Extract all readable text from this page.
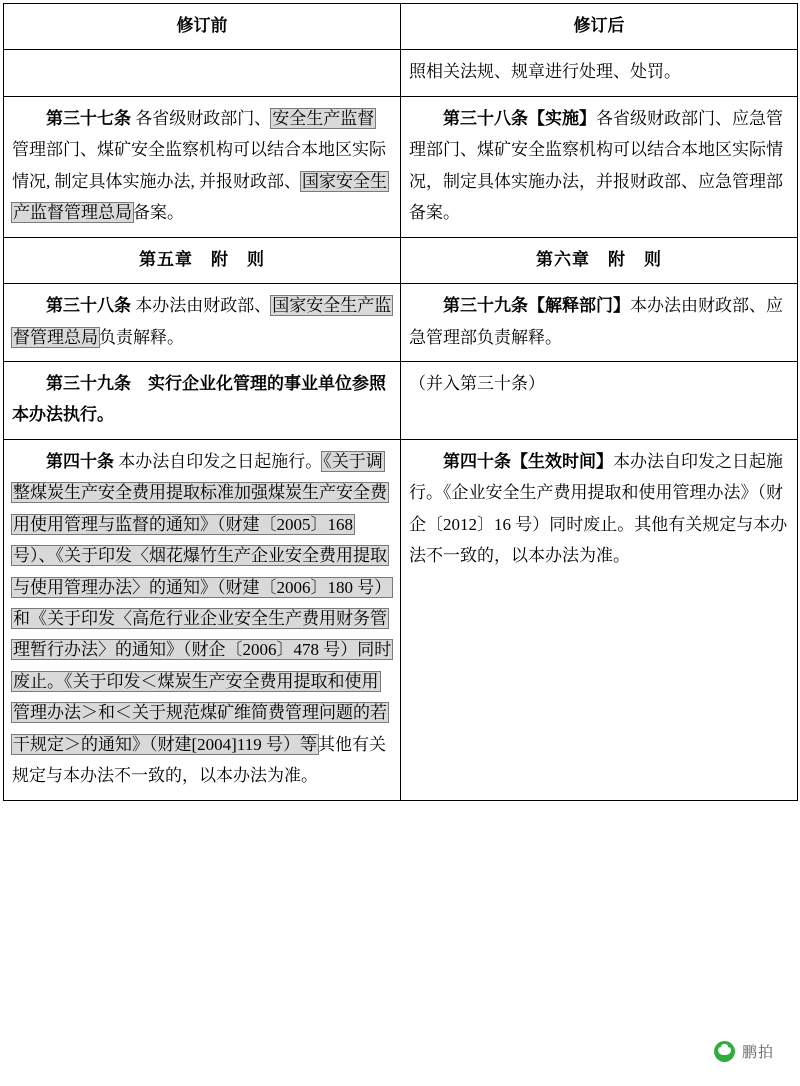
修订前	修订后

	照相关法规、规章进行处理、处罚。

第三十七条 各省级财政部门、安全生产监督管理部门、煤矿安全监察机构可以结合本地区实际情况, 制定具体实施办法, 并报财政部、国家安全生产监督管理总局备案。	第三十八条【实施】各省级财政部门、应急管理部门、煤矿安全监察机构可以结合本地区实际情况，制定具体实施办法，并报财政部、应急管理部备案。

第五章　附　则	第六章　附　则

第三十八条 本办法由财政部、国家安全生产监督管理总局负责解释。	第三十九条【解释部门】本办法由财政部、应急管理部负责解释。

第三十九条　实行企业化管理的事业单位参照本办法执行。	（并入第三十条）

第四十条 本办法自印发之日起施行。《关于调整煤炭生产安全费用提取标准加强煤炭生产安全费用使用管理与监督的通知》（财建〔2005〕168 号）、《关于印发〈烟花爆竹生产企业安全费用提取与使用管理办法〉的通知》（财建〔2006〕180 号）和《关于印发〈高危行业企业安全生产费用财务管理暂行办法〉的通知》（财企〔2006〕478 号）同时废止。《关于印发＜煤炭生产安全费用提取和使用管理办法＞和＜关于规范煤矿维简费管理问题的若干规定＞的通知》（财建[2004]119 号）等其他有关规定与本办法不一致的，以本办法为准。	第四十条【生效时间】本办法自印发之日起施行。《企业安全生产费用提取和使用管理办法》（财企〔2012〕16 号）同时废止。其他有关规定与本办法不一致的，以本办法为准。

鹏拍
